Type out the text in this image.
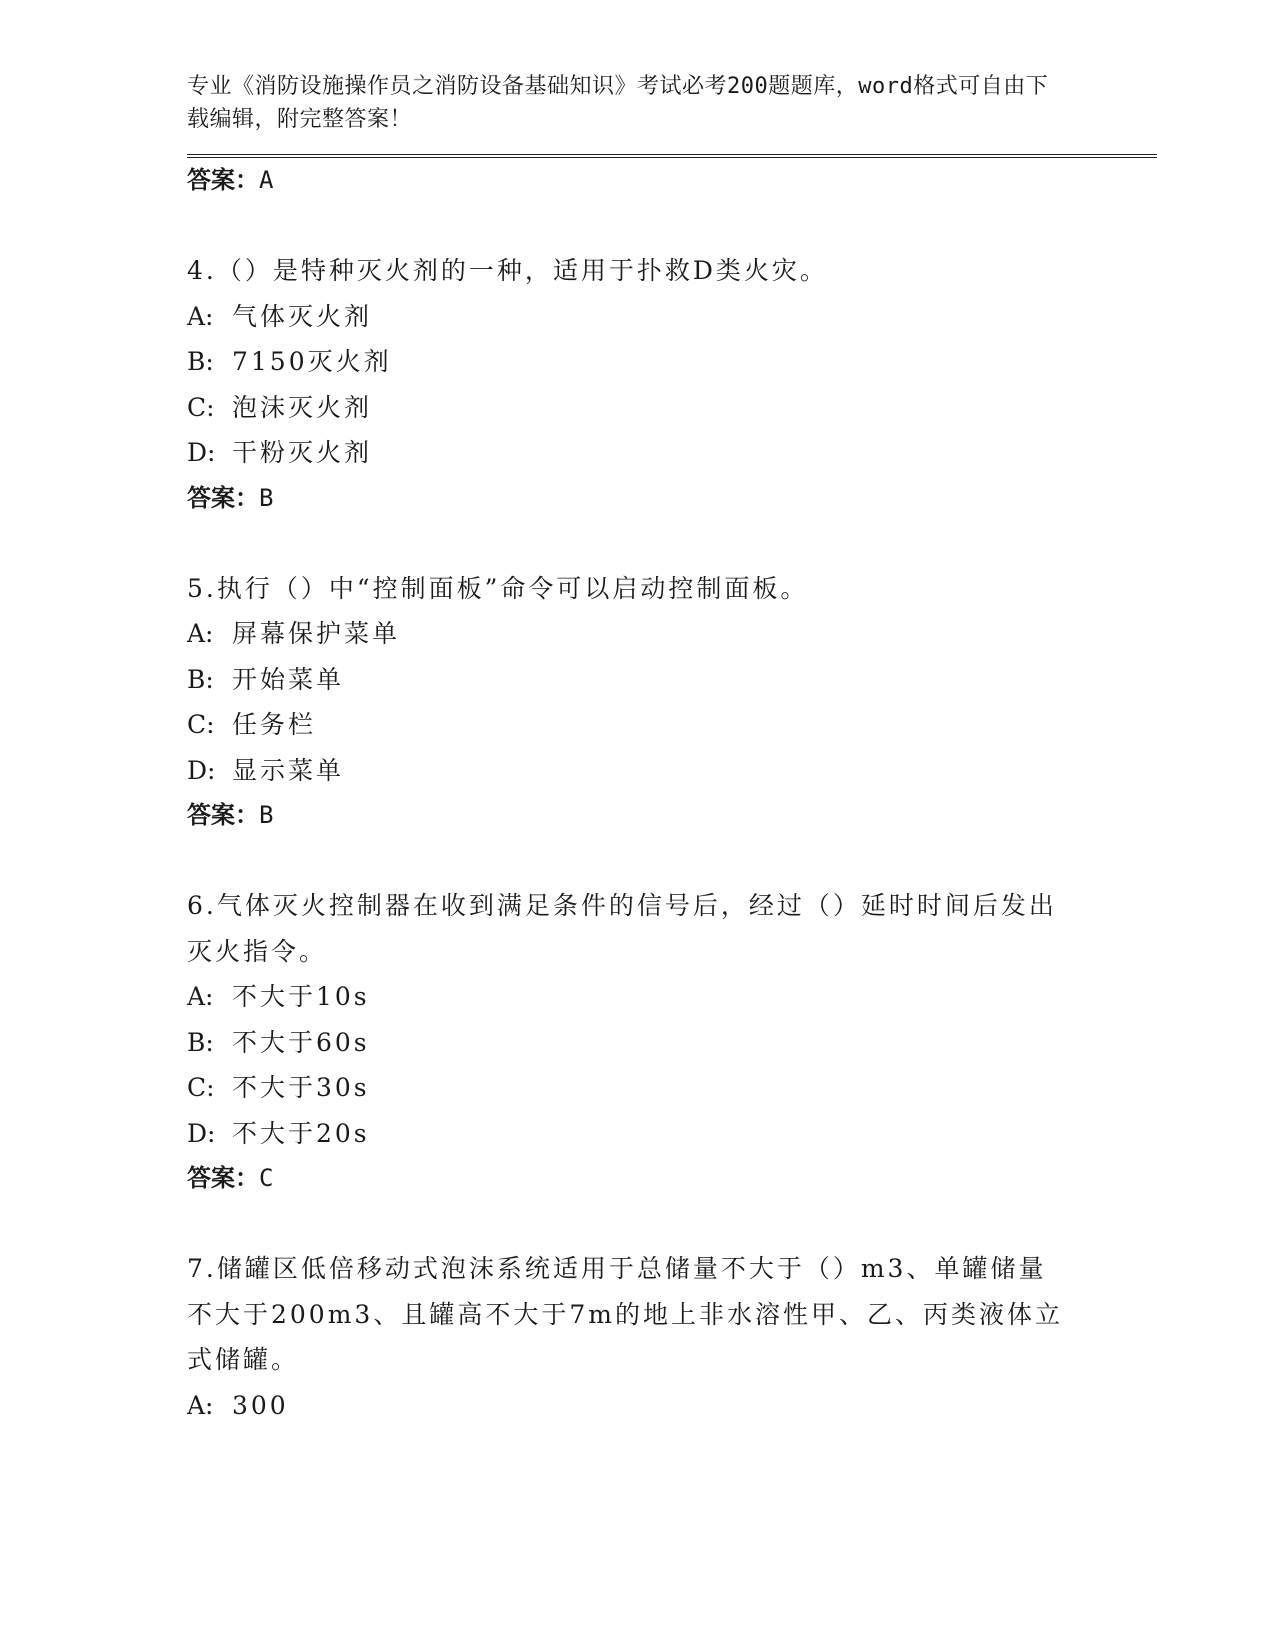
专业《消防设施操作员之消防设备基础知识》考试必考200题题库，word格式可自由下载编辑，附完整答案！
答案：A
4.（）是特种灭火剂的一种，适用于扑救D类火灾。
A: 气体灭火剂
B: 7150灭火剂
C: 泡沫灭火剂
D: 干粉灭火剂
答案：B
5.执行（）中“控制面板”命令可以启动控制面板。
A: 屏幕保护菜单
B: 开始菜单
C: 任务栏
D: 显示菜单
答案：B
6.气体灭火控制器在收到满足条件的信号后，经过（）延时时间后发出灭火指令。
A: 不大于10s
B: 不大于60s
C: 不大于30s
D: 不大于20s
答案：C
7.储罐区低倍移动式泡沫系统适用于总储量不大于（）m3、单罐储量不大于200m3、且罐高不大于7m的地上非水溶性甲、乙、丙类液体立式储罐。
A: 300
